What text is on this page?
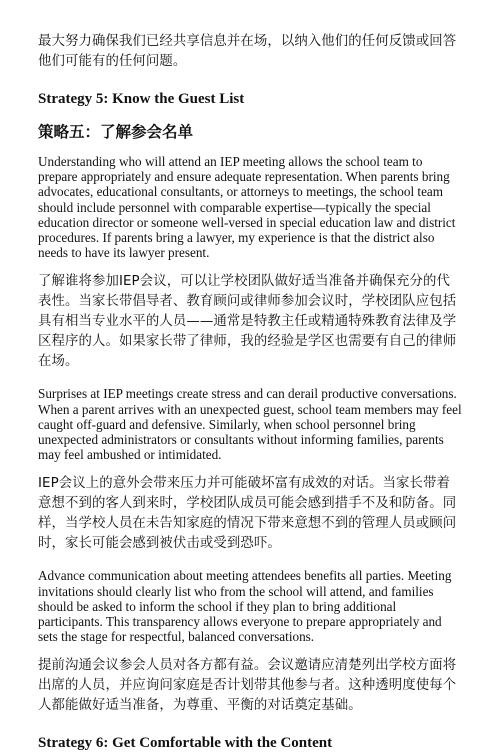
最大努力确保我们已经共享信息并在场，以纳入他们的任何反馈或回答他们可能有的任何问题。

Strategy 5: Know the Guest List
策略五：了解参会名单

Understanding who will attend an IEP meeting allows the school team to prepare appropriately and ensure adequate representation. When parents bring advocates, educational consultants, or attorneys to meetings, the school team should include personnel with comparable expertise—typically the special education director or someone well-versed in special education law and district procedures. If parents bring a lawyer, my experience is that the district also needs to have its lawyer present.

了解谁将参加IEP会议，可以让学校团队做好适当准备并确保充分的代表性。当家长带倡导者、教育顾问或律师参加会议时，学校团队应包括具有相当专业水平的人员——通常是特教主任或精通特殊教育法律及学区程序的人。如果家长带了律师，我的经验是学区也需要有自己的律师在场。

Surprises at IEP meetings create stress and can derail productive conversations. When a parent arrives with an unexpected guest, school team members may feel caught off-guard and defensive. Similarly, when school personnel bring unexpected administrators or consultants without informing families, parents may feel ambushed or intimidated.

IEP会议上的意外会带来压力并可能破坏富有成效的对话。当家长带着意想不到的客人到来时，学校团队成员可能会感到措手不及和防备。同样，当学校人员在未告知家庭的情况下带来意想不到的管理人员或顾问时，家长可能会感到被伏击或受到恐吓。

Advance communication about meeting attendees benefits all parties. Meeting invitations should clearly list who from the school will attend, and families should be asked to inform the school if they plan to bring additional participants. This transparency allows everyone to prepare appropriately and sets the stage for respectful, balanced conversations.

提前沟通会议参会人员对各方都有益。会议邀请应清楚列出学校方面将出席的人员，并应询问家庭是否计划带其他参与者。这种透明度使每个人都能做好适当准备，为尊重、平衡的对话奠定基础。

Strategy 6: Get Comfortable with the Content
